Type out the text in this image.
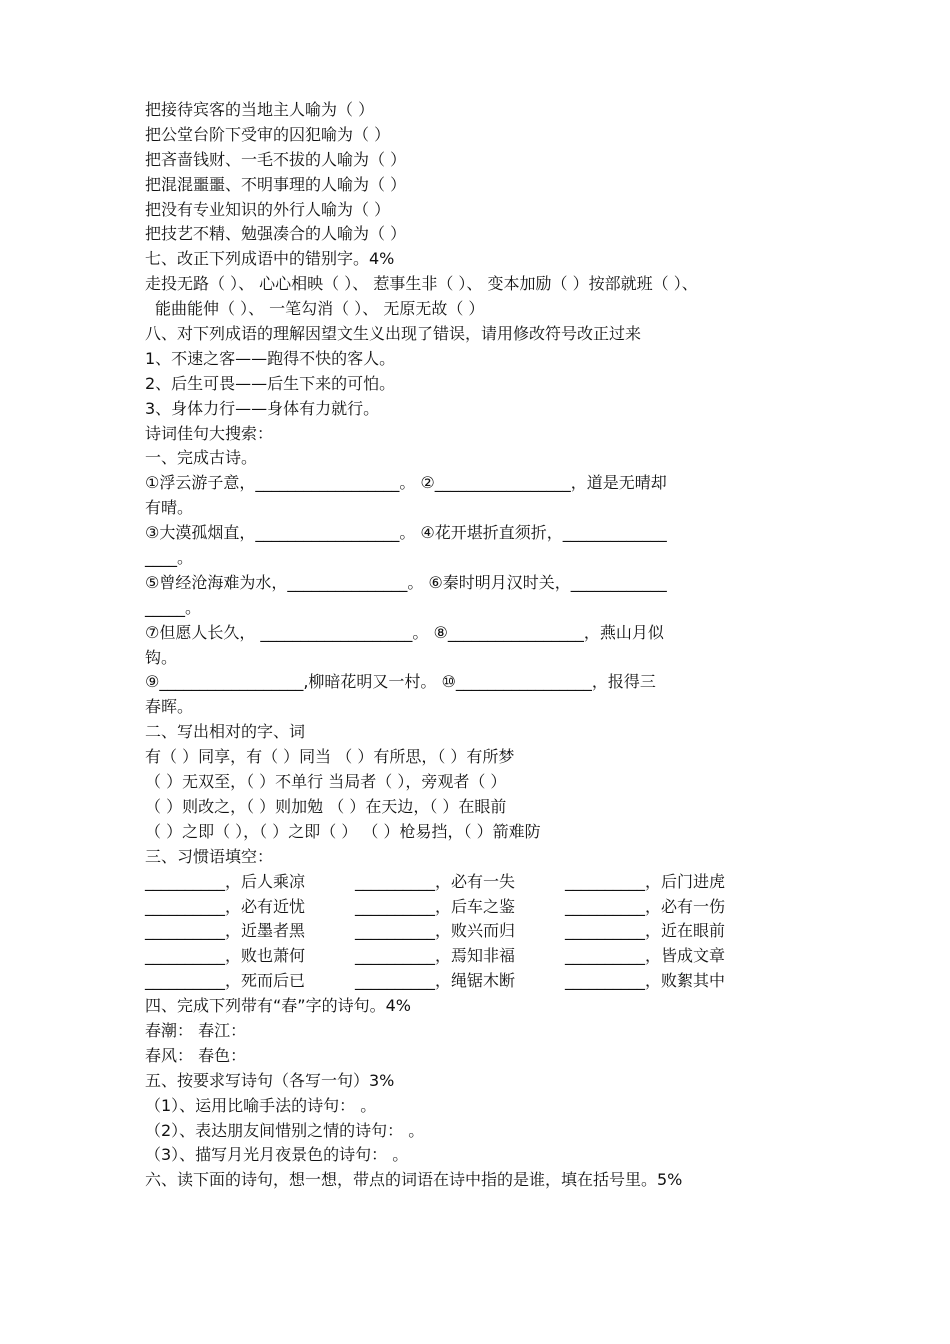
把接待宾客的当地主人喻为（ ）
把公堂台阶下受审的囚犯喻为（ ）
把吝啬钱财、一毛不拔的人喻为（ ）
把混混噩噩、不明事理的人喻为（ ）
把没有专业知识的外行人喻为（ ）
把技艺不精、勉强凑合的人喻为（ ）
七、改正下列成语中的错别字。4%
走投无路（ ）、 心心相映（ ）、 惹事生非（ ）、 变本加励（ ）按部就班（ ）、
能曲能伸（ ）、 一笔勾消（ ）、 无原无故（ ）
八、对下列成语的理解因望文生义出现了错误，请用修改符号改正过来
1、不速之客——跑得不快的客人。
2、后生可畏——后生下来的可怕。
3、身体力行——身体有力就行。
诗词佳句大搜索：
一、完成古诗。
①浮云游子意，__________________。 ②_________________，道是无晴却
有晴。
③大漠孤烟直，__________________。 ④花开堪折直须折，_____________
____。
⑤曾经沧海难为水，_______________。 ⑥秦时明月汉时关，____________
_____。
⑦但愿人长久， ___________________。 ⑧_________________，燕山月似
钩。
⑨__________________,柳暗花明又一村。 ⑩_________________，报得三
春晖。
二、写出相对的字、词
有（ ）同享，有（ ）同当 （ ）有所思，（ ）有所梦
（ ）无双至，（ ）不单行 当局者（ ），旁观者（ ）
（ ）则改之，（ ）则加勉 （ ）在天边，（ ）在眼前
（ ）之即（ ），（ ）之即（ ） （ ）枪易挡，（ ）箭难防
三、习惯语填空：
__________，后人乘凉	__________，必有一失	__________，后门进虎
__________，必有近忧	__________，后车之鉴	__________，必有一伤
__________，近墨者黑	__________，败兴而归	__________，近在眼前
__________，败也萧何	__________，焉知非福	__________，皆成文章
__________，死而后已	__________，绳锯木断	__________，败絮其中
四、完成下列带有“春”字的诗句。4%
春潮： 春江：
春风： 春色：
五、按要求写诗句（各写一句）3%
（1）、运用比喻手法的诗句： 。
（2）、表达朋友间惜别之情的诗句： 。
（3）、描写月光月夜景色的诗句： 。
六、读下面的诗句，想一想，带点的词语在诗中指的是谁，填在括号里。5%
